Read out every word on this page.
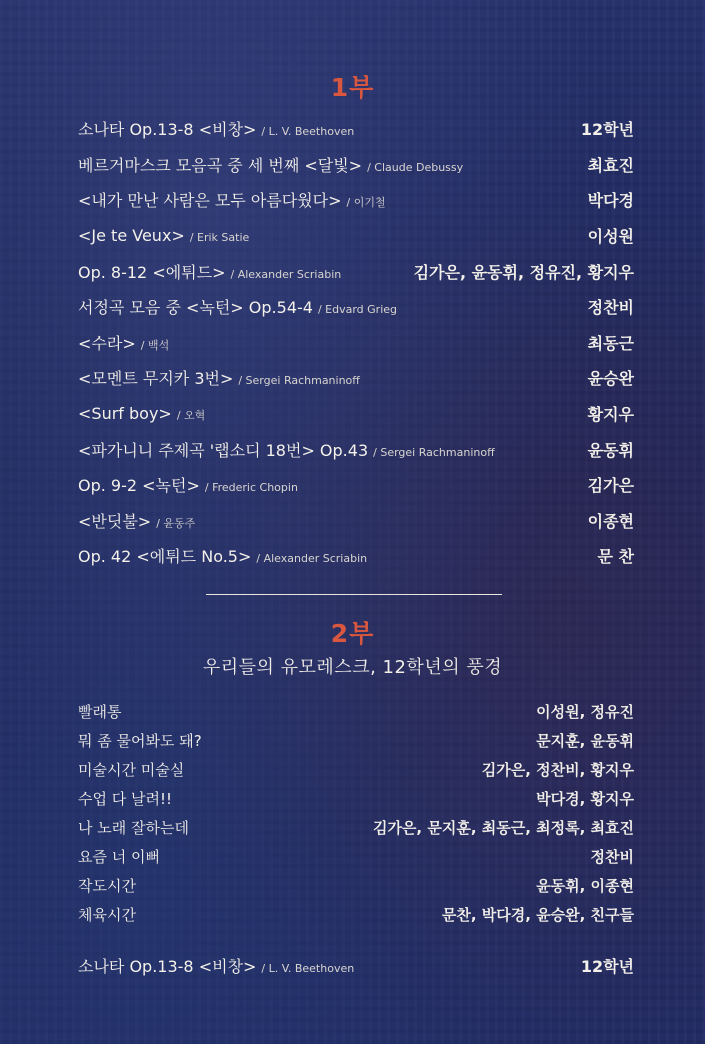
1부
소나타 Op.13-8 <비창> / L. V. Beethoven	12학년
베르거마스크 모음곡 중 세 번째 <달빛> / Claude Debussy	최효진
<내가 만난 사람은 모두 아름다웠다> / 이기철	박다경
<Je te Veux> / Erik Satie	이성원
Op. 8-12 <에튀드> / Alexander Scriabin	김가은, 윤동휘, 정유진, 황지우
서정곡 모음 중 <녹턴> Op.54-4 / Edvard Grieg	정찬비
<수라> / 백석	최동근
<모멘트 무지카 3번> / Sergei Rachmaninoff	윤승완
<Surf boy> / 오혁	황지우
<파가니니 주제곡 '랩소디 18번> Op.43 / Sergei Rachmaninoff	윤동휘
Op. 9-2 <녹턴> / Frederic Chopin	김가은
<반딧불> / 윤동주	이종현
Op. 42 <에튀드 No.5> / Alexander Scriabin	문 찬
2부
우리들의 유모레스크, 12학년의 풍경
빨래통	이성원, 정유진
뭐 좀 물어봐도 돼?	문지훈, 윤동휘
미술시간 미술실	김가은, 정찬비, 황지우
수업 다 날려!!	박다경, 황지우
나 노래 잘하는데	김가은, 문지훈, 최동근, 최정록, 최효진
요즘 너 이뻐	정찬비
작도시간	윤동휘, 이종현
체육시간	문찬, 박다경, 윤승완, 친구들
소나타 Op.13-8 <비창> / L. V. Beethoven	12학년
